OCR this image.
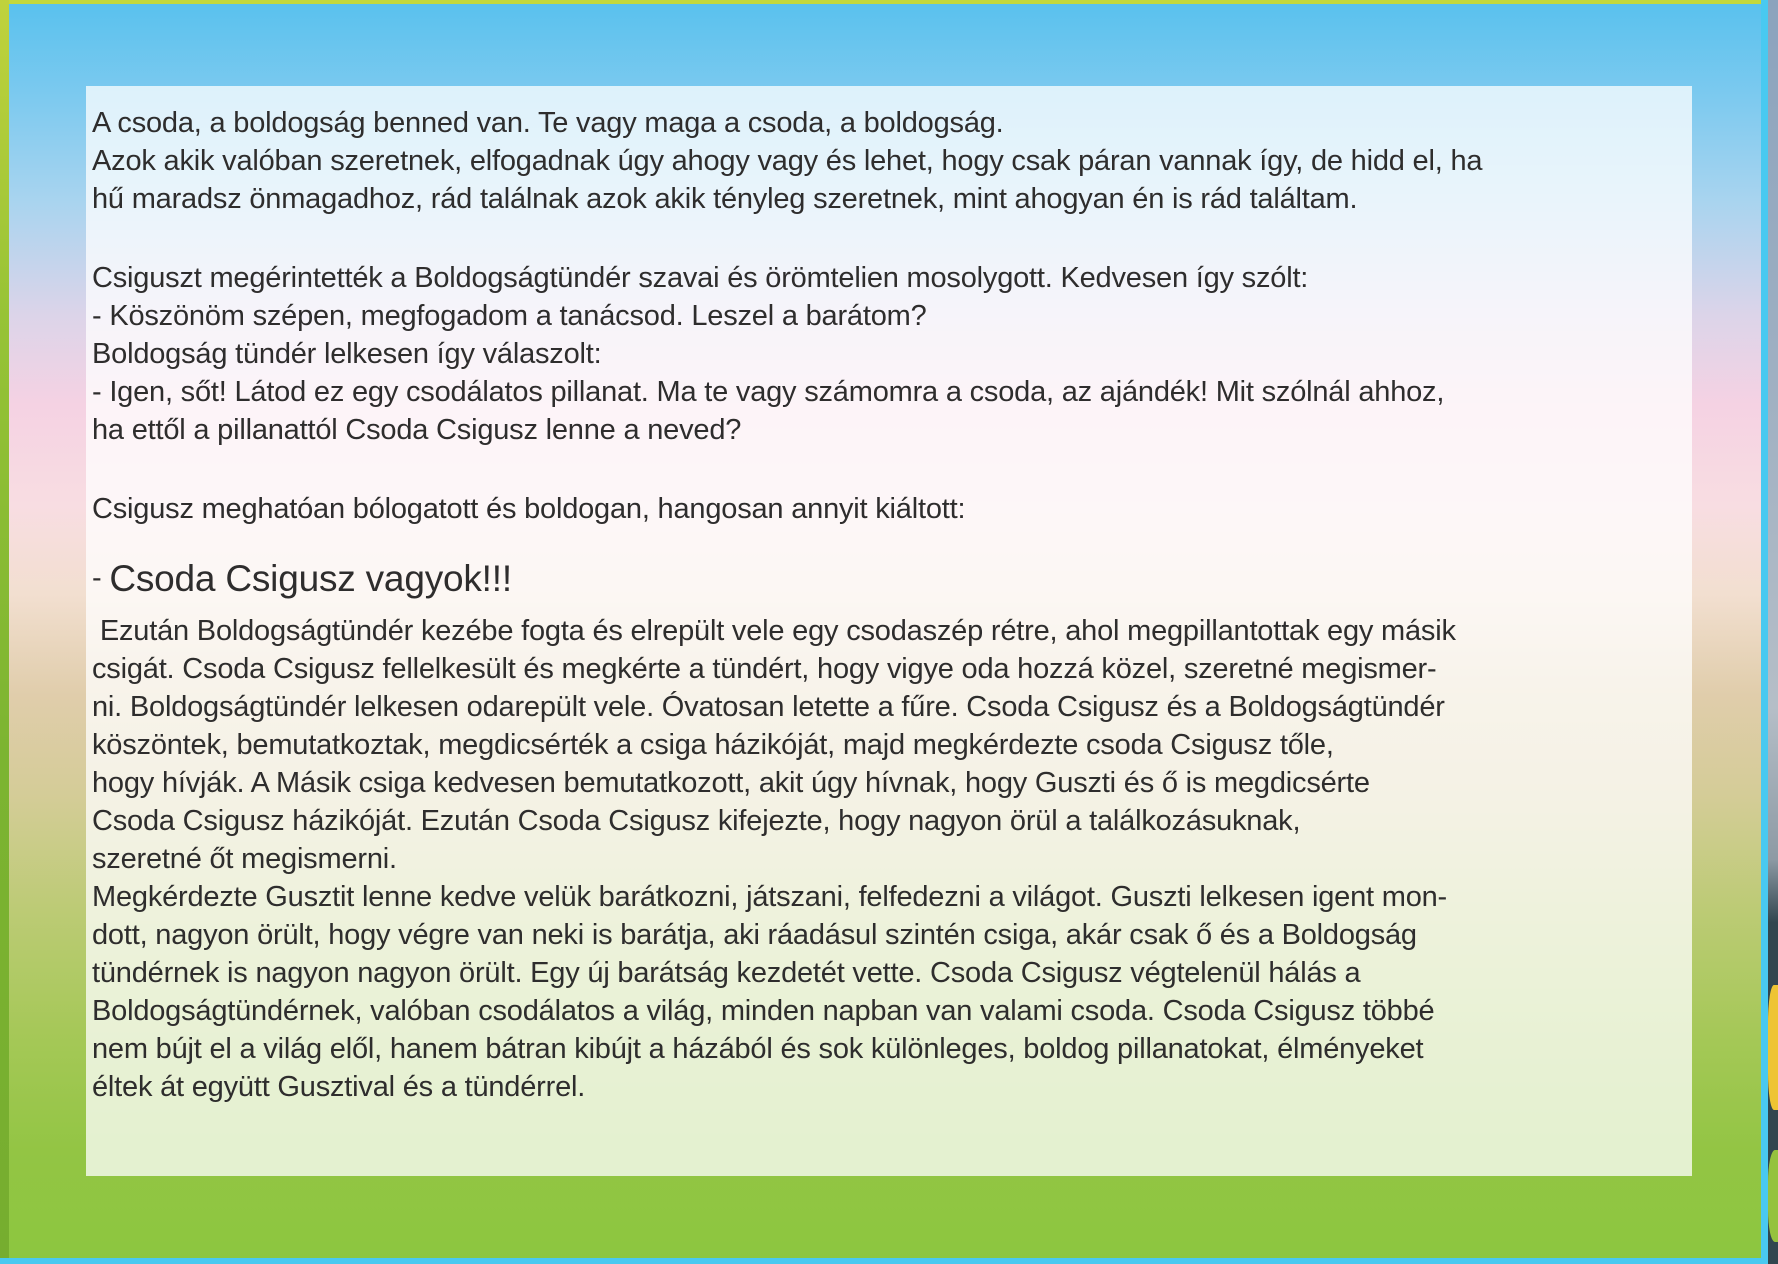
A csoda, a boldogság benned van. Te vagy maga a csoda, a boldogság.

Azok akik valóban szeretnek, elfogadnak úgy ahogy vagy és lehet, hogy csak páran vannak így, de hidd el, ha

hű maradsz önmagadhoz, rád találnak azok akik tényleg szeretnek, mint ahogyan én is rád találtam.

Csiguszt megérintették a Boldogságtündér szavai és örömtelien mosolygott. Kedvesen így szólt:

- Köszönöm szépen, megfogadom a tanácsod. Leszel a barátom?

Boldogság tündér lelkesen így válaszolt:

- Igen, sőt! Látod ez egy csodálatos pillanat. Ma te vagy számomra a csoda, az ajándék! Mit szólnál ahhoz,

ha ettől a pillanattól Csoda Csigusz lenne a neved?

Csigusz meghatóan bólogatott és boldogan, hangosan annyit kiáltott:

- Csoda Csigusz vagyok!!!

Ezután Boldogságtündér kezébe fogta és elrepült vele egy csodaszép rétre, ahol megpillantottak egy másik

csigát. Csoda Csigusz fellelkesült és megkérte a tündért, hogy vigye oda hozzá közel, szeretné megismer-

ni. Boldogságtündér lelkesen odarepült vele. Óvatosan letette a fűre. Csoda Csigusz és a Boldogságtündér

köszöntek, bemutatkoztak, megdicsérték a csiga házikóját, majd megkérdezte csoda Csigusz tőle,

hogy hívják. A Másik csiga kedvesen bemutatkozott, akit úgy hívnak, hogy Guszti és ő is megdicsérte

Csoda Csigusz házikóját. Ezután Csoda Csigusz kifejezte, hogy nagyon örül a találkozásuknak,

szeretné őt megismerni.

Megkérdezte Gusztit lenne kedve velük barátkozni, játszani, felfedezni a világot. Guszti lelkesen igent mon-

dott, nagyon örült, hogy végre van neki is barátja, aki ráadásul szintén csiga, akár csak ő és a Boldogság

tündérnek is nagyon nagyon örült. Egy új barátság kezdetét vette. Csoda Csigusz végtelenül hálás a

Boldogságtündérnek, valóban csodálatos a világ, minden napban van valami csoda. Csoda Csigusz többé

nem bújt el a világ elől, hanem bátran kibújt a házából és sok különleges, boldog pillanatokat, élményeket

éltek át együtt Gusztival és a tündérrel.
